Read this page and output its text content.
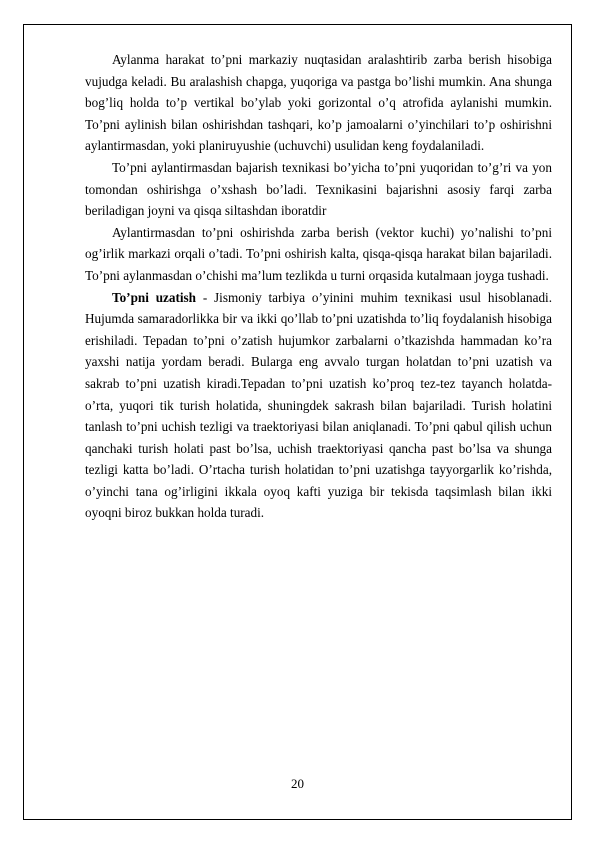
Aylanma harakat to’pni markaziy nuqtasidan aralashtirib zarba berish hisobiga vujudga keladi. Bu aralashish chapga, yuqoriga va pastga bo’lishi mumkin. Ana shunga bog’liq holda to’p vertikal bo’ylab yoki gorizontal o’q atrofida aylanishi mumkin. To’pni aylinish bilan oshirishdan tashqari, ko’p jamoalarni o’yinchilari to’p oshirishni aylantirmasdan, yoki planiruyushie (uchuvchi) usulidan keng foydalaniladi.

To’pni aylantirmasdan bajarish texnikasi bo’yicha to’pni yuqoridan to’g’ri va yon tomondan oshirishga o’xshash bo’ladi. Texnikasini bajarishni asosiy farqi zarba beriladigan joyni va qisqa siltashdan iboratdir

Aylantirmasdan to’pni oshirishda zarba berish (vektor kuchi) yo’nalishi to’pni og’irlik markazi orqali o’tadi. To’pni oshirish kalta, qisqa-qisqa harakat bilan bajariladi. To’pni aylanmasdan o’chishi ma’lum tezlikda u turni orqasida kutalmaan joyga tushadi.

To’pni uzatish - Jismoniy tarbiya o’yinini muhim texnikasi usul hisoblanadi. Hujumda samaradorlikka bir va ikki qo’llab to’pni uzatishda to’liq foydalanish hisobiga erishiladi. Tepadan to’pni o’zatish hujumkor zarbalarni o’tkazishda hammadan ko’ra yaxshi natija yordam beradi. Bularga eng avvalo turgan holatdan to’pni uzatish va sakrab to’pni uzatish kiradi.Tepadan to’pni uzatish ko’proq tez-tez tayanch holatda-o’rta, yuqori tik turish holatida, shuningdek sakrash bilan bajariladi. Turish holatini tanlash to’pni uchish tezligi va traektoriyasi bilan aniqlanadi. To’pni qabul qilish uchun qanchaki turish holati past bo’lsa, uchish traektoriyasi qancha past bo’lsa va shunga tezligi katta bo’ladi. O’rtacha turish holatidan to’pni uzatishga tayyorgarlik ko’rishda, o’yinchi tana og’irligini ikkala oyoq kafti yuziga bir tekisda taqsimlash bilan ikki oyoqni biroz bukkan holda turadi.

20
